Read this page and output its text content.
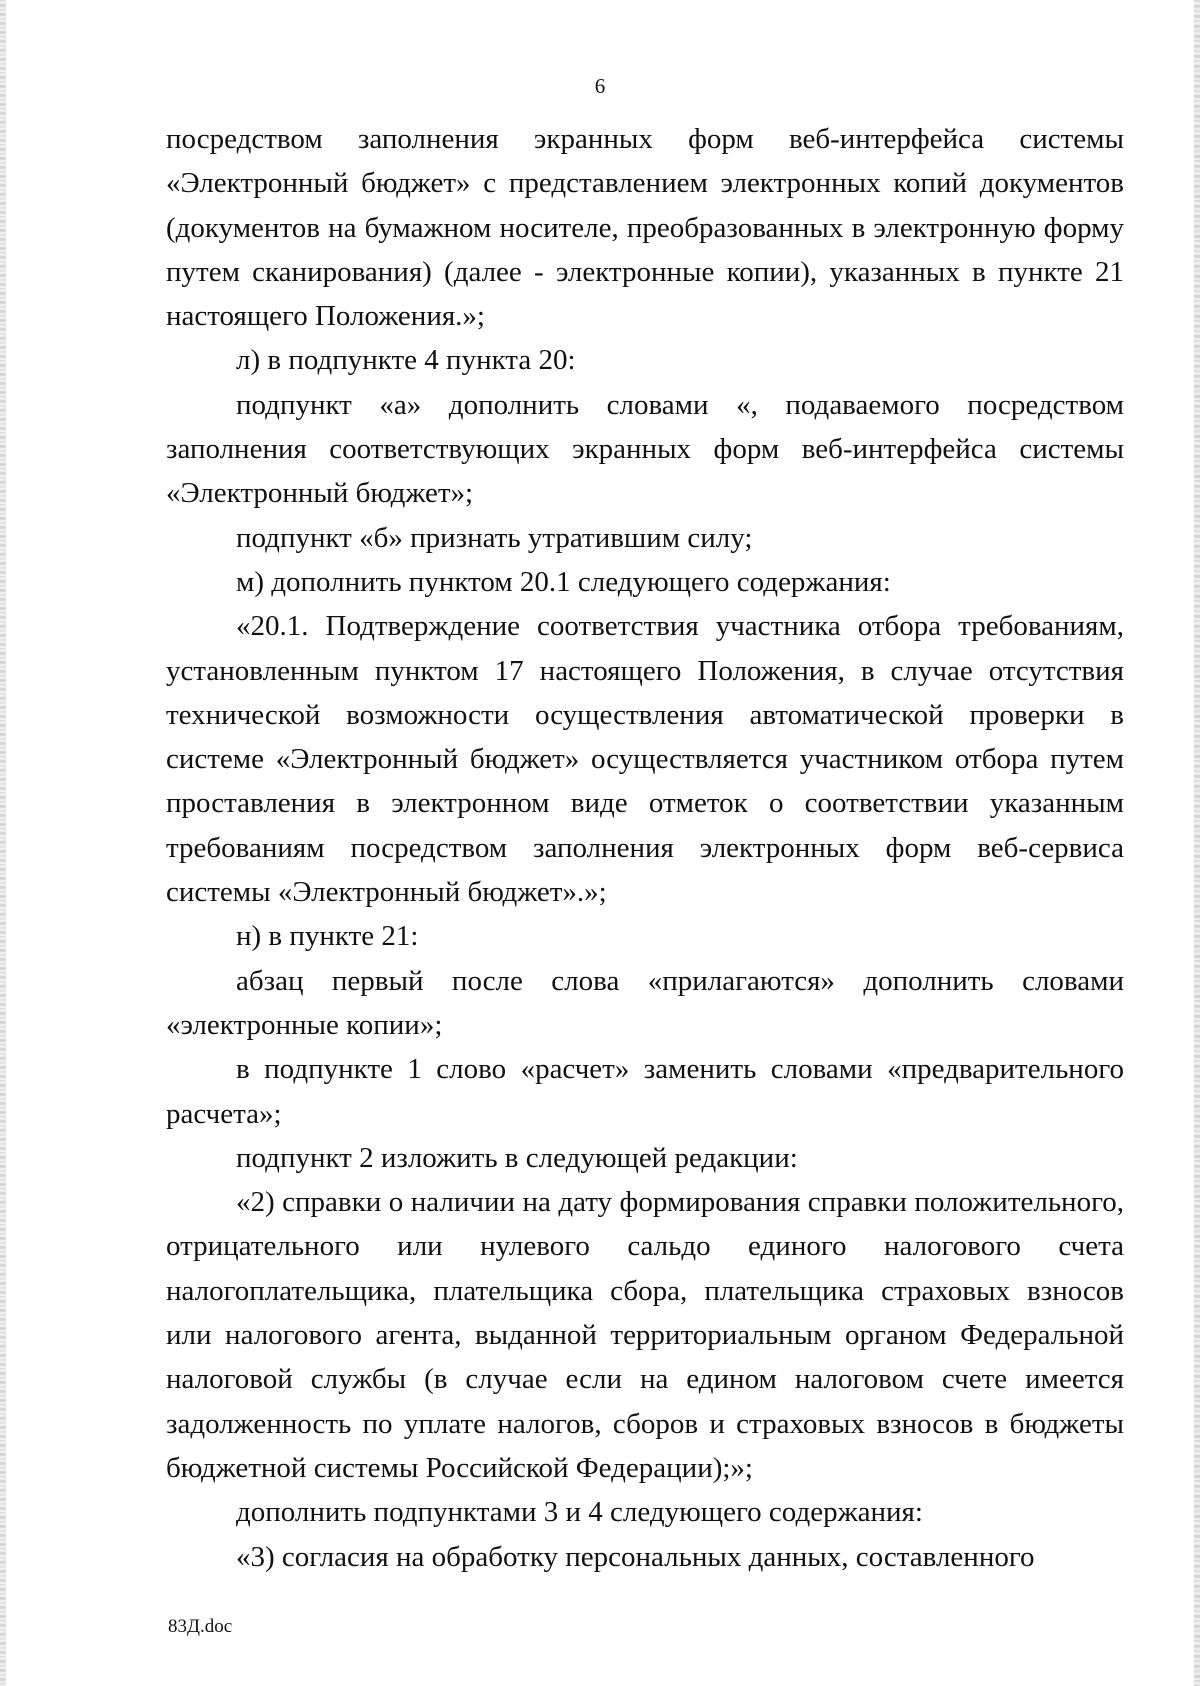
6

посредством заполнения экранных форм веб-интерфейса системы «Электронный бюджет» с представлением электронных копий документов (документов на бумажном носителе, преобразованных в электронную форму путем сканирования) (далее - электронные копии), указанных в пункте 21 настоящего Положения.»;

л) в подпункте 4 пункта 20:

подпункт «а» дополнить словами «, подаваемого посредством заполнения соответствующих экранных форм веб-интерфейса системы «Электронный бюджет»;

подпункт «б» признать утратившим силу;

м) дополнить пунктом 20.1 следующего содержания:

«20.1. Подтверждение соответствия участника отбора требованиям, установленным пунктом 17 настоящего Положения, в случае отсутствия технической возможности осуществления автоматической проверки в системе «Электронный бюджет» осуществляется участником отбора путем проставления в электронном виде отметок о соответствии указанным требованиям посредством заполнения электронных форм веб-сервиса системы «Электронный бюджет».»;

н) в пункте 21:

абзац первый после слова «прилагаются» дополнить словами «электронные копии»;

в подпункте 1 слово «расчет» заменить словами «предварительного расчета»;

подпункт 2 изложить в следующей редакции:

«2) справки о наличии на дату формирования справки положительного, отрицательного или нулевого сальдо единого налогового счета налогоплательщика, плательщика сбора, плательщика страховых взносов или налогового агента, выданной территориальным органом Федеральной налоговой службы (в случае если на едином налоговом счете имеется задолженность по уплате налогов, сборов и страховых взносов в бюджеты бюджетной системы Российской Федерации);»;

дополнить подпунктами 3 и 4 следующего содержания:

«3) согласия на обработку персональных данных, составленного

83Д.doc
